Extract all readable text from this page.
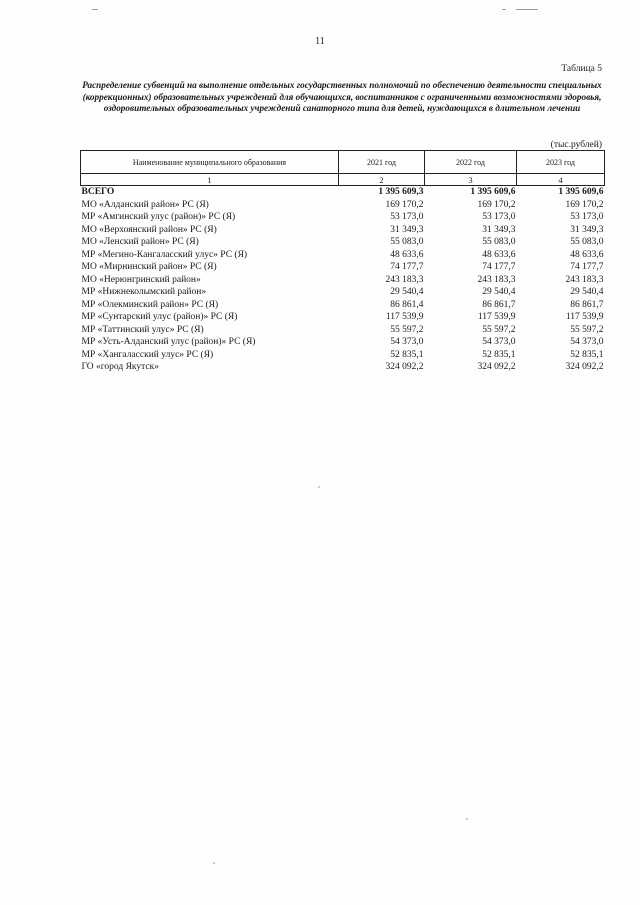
11
Таблица 5
Распределение субвенций на выполнение отдельных государственных полномочий по обеспечению деятельности специальных (коррекционных) образовательных учреждений для обучающихся, воспитанников с ограниченными возможностями здоровья, оздоровительных образовательных учреждений санаторного типа для детей, нуждающихся в длительном лечении
(тыс.рублей)
Наименование муниципального образования	2021 год	2022 год	2023 год
1	2	3	4
ВСЕГО	1 395 609,3	1 395 609,6	1 395 609,6
МО «Алданский район» РС (Я)	169 170,2	169 170,2	169 170,2
МР «Амгинский улус (район)» РС (Я)	53 173,0	53 173,0	53 173,0
МО «Верхоянский район» РС (Я)	31 349,3	31 349,3	31 349,3
МО «Ленский район» РС (Я)	55 083,0	55 083,0	55 083,0
МР «Мегино-Кангаласский улус» РС (Я)	48 633,6	48 633,6	48 633,6
МО «Мирнинский район» РС (Я)	74 177,7	74 177,7	74 177,7
МО «Нерюнгринский район»	243 183,3	243 183,3	243 183,3
МР «Нижнеколымский район»	29 540,4	29 540,4	29 540,4
МР «Олекминский район» РС (Я)	86 861,4	86 861,7	86 861,7
МР «Сунтарский улус (район)» РС (Я)	117 539,9	117 539,9	117 539,9
МР «Таттинский улус» РС (Я)	55 597,2	55 597,2	55 597,2
МР «Усть-Алданский улус (район)» РС (Я)	54 373,0	54 373,0	54 373,0
МР «Хангаласский улус» РС (Я)	52 835,1	52 835,1	52 835,1
ГО «город Якутск»	324 092,2	324 092,2	324 092,2
